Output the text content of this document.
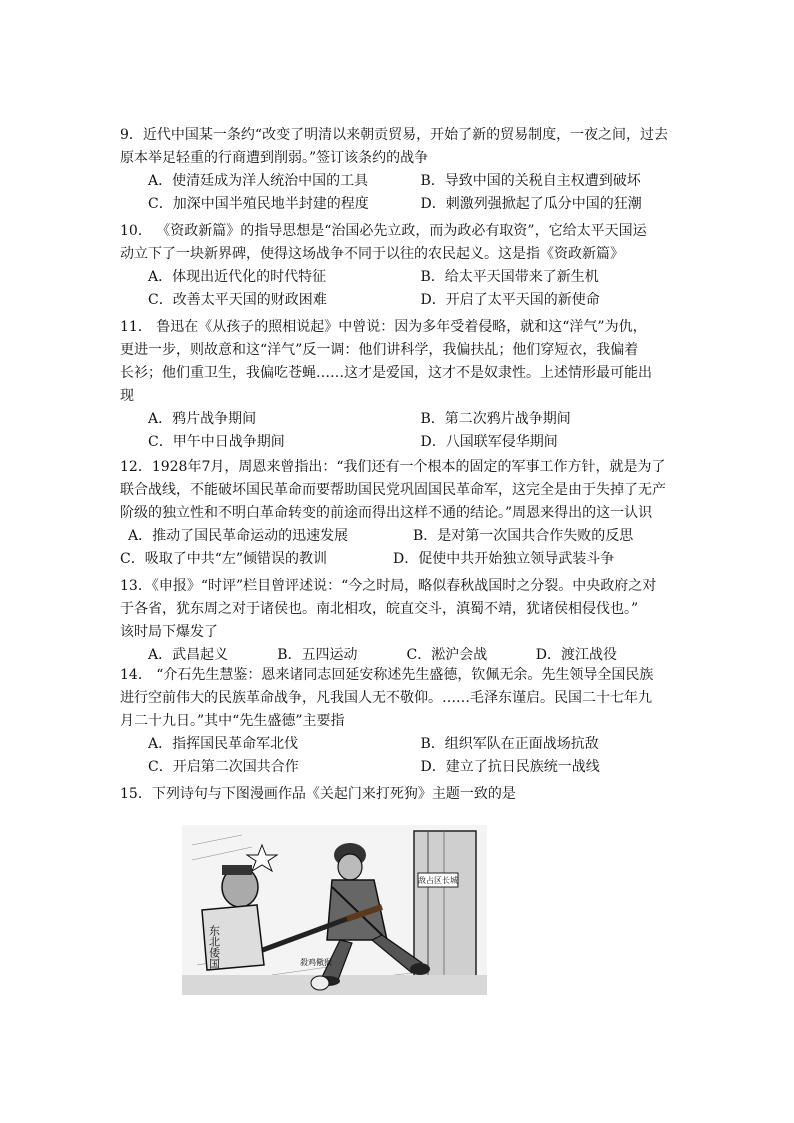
9．近代中国某一条约“改变了明清以来朝贡贸易，开始了新的贸易制度，一夜之间，过去
原本举足轻重的行商遭到削弱。”签订该条约的战争
A．使清廷成为洋人统治中国的工具	B．导致中国的关税自主权遭到破坏
C．加深中国半殖民地半封建的程度	D．刺激列强掀起了瓜分中国的狂潮
10． 《资政新篇》的指导思想是“治国必先立政，而为政必有取资”，它给太平天国运
动立下了一块新界碑，使得这场战争不同于以往的农民起义。这是指《资政新篇》
A．体现出近代化的时代特征	B．给太平天国带来了新生机
C．改善太平天国的财政困难	D．开启了太平天国的新使命
11． 鲁迅在《从孩子的照相说起》中曾说：因为多年受着侵略，就和这“洋气”为仇，
更进一步，则故意和这“洋气”反一调：他们讲科学，我偏扶乩；他们穿短衣，我偏着
长衫；他们重卫生，我偏吃苍蝇……这才是爱国，这才不是奴隶性。上述情形最可能出
现
A．鸦片战争期间	B．第二次鸦片战争期间
C．甲午中日战争期间	D．八国联军侵华期间
12．1928年7月，周恩来曾指出：“我们还有一个根本的固定的军事工作方针，就是为了
联合战线，不能破坏国民革命而要帮助国民党巩固国民革命军，这完全是由于失掉了无产
阶级的独立性和不明白革命转变的前途而得出这样不通的结论。”周恩来得出的这一认识
A．推动了国民革命运动的迅速发展	B．是对第一次国共合作失败的反思
C．吸取了中共“左”倾错误的教训	D．促使中共开始独立领导武装斗争
13．《申报》“时评”栏目曾评述说：“今之时局，略似春秋战国时之分裂。中央政府之对
于各省，犹东周之对于诸侯也。南北相攻，皖直交斗，滇蜀不靖，犹诸侯相侵伐也。”
该时局下爆发了
A．武昌起义	B．五四运动	C．淞沪会战	D．渡江战役
14． “介石先生慧鉴：恩来诸同志回延安称述先生盛德，钦佩无余。先生领导全国民族
进行空前伟大的民族革命战争，凡我国人无不敬仰。……毛泽东谨启。民国二十七年九
月二十九日。”其中“先生盛德”主要指
A．指挥国民革命军北伐	B．组织军队在正面战场抗敌
C．开启第二次国共合作	D．建立了抗日民族统一战线
15．下列诗句与下图漫画作品《关起门来打死狗》主题一致的是
敌占区长城
东北倭国	殺鸡儆猴
